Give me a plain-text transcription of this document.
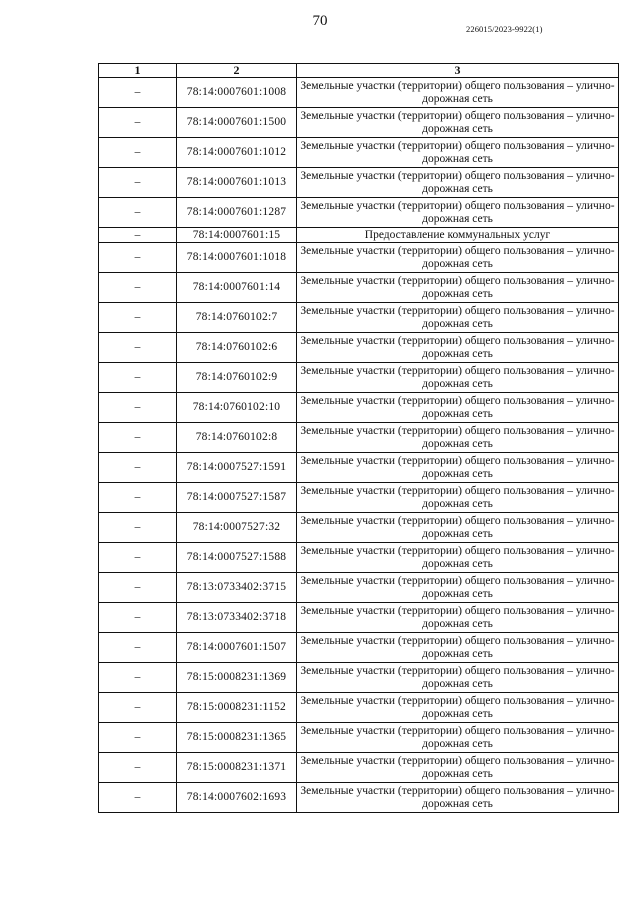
70	226015/2023-9922(1)
1	2	3
–	78:14:0007601:1008	Земельные участки (территории) общего пользования – улично-дорожная сеть
–	78:14:0007601:1500	Земельные участки (территории) общего пользования – улично-дорожная сеть
–	78:14:0007601:1012	Земельные участки (территории) общего пользования – улично-дорожная сеть
–	78:14:0007601:1013	Земельные участки (территории) общего пользования – улично-дорожная сеть
–	78:14:0007601:1287	Земельные участки (территории) общего пользования – улично-дорожная сеть
–	78:14:0007601:15	Предоставление коммунальных услуг
–	78:14:0007601:1018	Земельные участки (территории) общего пользования – улично-дорожная сеть
–	78:14:0007601:14	Земельные участки (территории) общего пользования – улично-дорожная сеть
–	78:14:0760102:7	Земельные участки (территории) общего пользования – улично-дорожная сеть
–	78:14:0760102:6	Земельные участки (территории) общего пользования – улично-дорожная сеть
–	78:14:0760102:9	Земельные участки (территории) общего пользования – улично-дорожная сеть
–	78:14:0760102:10	Земельные участки (территории) общего пользования – улично-дорожная сеть
–	78:14:0760102:8	Земельные участки (территории) общего пользования – улично-дорожная сеть
–	78:14:0007527:1591	Земельные участки (территории) общего пользования – улично-дорожная сеть
–	78:14:0007527:1587	Земельные участки (территории) общего пользования – улично-дорожная сеть
–	78:14:0007527:32	Земельные участки (территории) общего пользования – улично-дорожная сеть
–	78:14:0007527:1588	Земельные участки (территории) общего пользования – улично-дорожная сеть
–	78:13:0733402:3715	Земельные участки (территории) общего пользования – улично-дорожная сеть
–	78:13:0733402:3718	Земельные участки (территории) общего пользования – улично-дорожная сеть
–	78:14:0007601:1507	Земельные участки (территории) общего пользования – улично-дорожная сеть
–	78:15:0008231:1369	Земельные участки (территории) общего пользования – улично-дорожная сеть
–	78:15:0008231:1152	Земельные участки (территории) общего пользования – улично-дорожная сеть
–	78:15:0008231:1365	Земельные участки (территории) общего пользования – улично-дорожная сеть
–	78:15:0008231:1371	Земельные участки (территории) общего пользования – улично-дорожная сеть
–	78:14:0007602:1693	Земельные участки (территории) общего пользования – улично-дорожная сеть
